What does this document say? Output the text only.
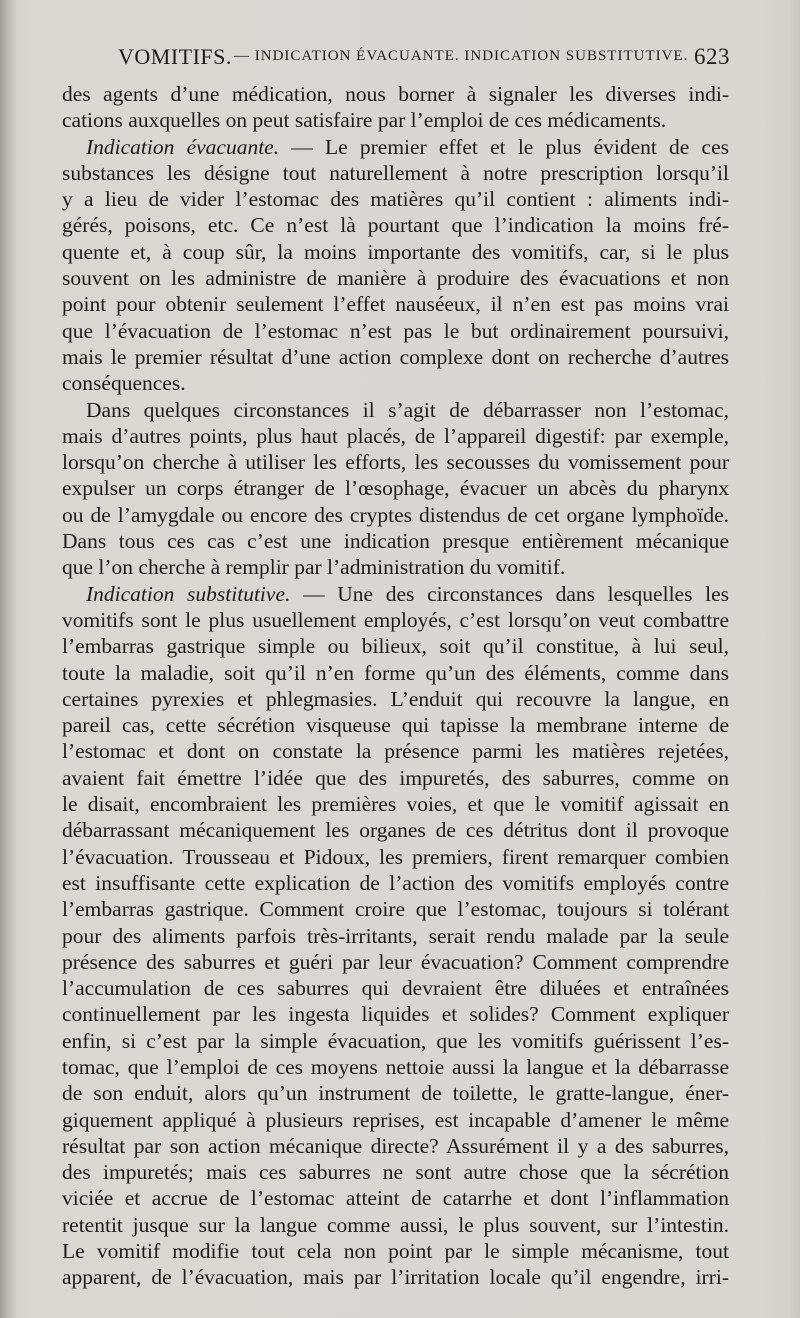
VOMITIFS. — INDICATION ÉVACUANTE. INDICATION SUBSTITUTIVE. 623
des agents d’une médication, nous borner à signaler les diverses indi-
cations auxquelles on peut satisfaire par l’emploi de ces médicaments.
Indication évacuante. — Le premier effet et le plus évident de ces
substances les désigne tout naturellement à notre prescription lorsqu’il
y a lieu de vider l’estomac des matières qu’il contient : aliments indi-
gérés, poisons, etc. Ce n’est là pourtant que l’indication la moins fré-
quente et, à coup sûr, la moins importante des vomitifs, car, si le plus
souvent on les administre de manière à produire des évacuations et non
point pour obtenir seulement l’effet nauséeux, il n’en est pas moins vrai
que l’évacuation de l’estomac n’est pas le but ordinairement poursuivi,
mais le premier résultat d’une action complexe dont on recherche d’autres
conséquences.
Dans quelques circonstances il s’agit de débarrasser non l’estomac,
mais d’autres points, plus haut placés, de l’appareil digestif: par exemple,
lorsqu’on cherche à utiliser les efforts, les secousses du vomissement pour
expulser un corps étranger de l’œsophage, évacuer un abcès du pharynx
ou de l’amygdale ou encore des cryptes distendus de cet organe lymphoïde.
Dans tous ces cas c’est une indication presque entièrement mécanique
que l’on cherche à remplir par l’administration du vomitif.
Indication substitutive. — Une des circonstances dans lesquelles les
vomitifs sont le plus usuellement employés, c’est lorsqu’on veut combattre
l’embarras gastrique simple ou bilieux, soit qu’il constitue, à lui seul,
toute la maladie, soit qu’il n’en forme qu’un des éléments, comme dans
certaines pyrexies et phlegmasies. L’enduit qui recouvre la langue, en
pareil cas, cette sécrétion visqueuse qui tapisse la membrane interne de
l’estomac et dont on constate la présence parmi les matières rejetées,
avaient fait émettre l’idée que des impuretés, des saburres, comme on
le disait, encombraient les premières voies, et que le vomitif agissait en
débarrassant mécaniquement les organes de ces détritus dont il provoque
l’évacuation. Trousseau et Pidoux, les premiers, firent remarquer combien
est insuffisante cette explication de l’action des vomitifs employés contre
l’embarras gastrique. Comment croire que l’estomac, toujours si tolérant
pour des aliments parfois très-irritants, serait rendu malade par la seule
présence des saburres et guéri par leur évacuation? Comment comprendre
l’accumulation de ces saburres qui devraient être diluées et entraînées
continuellement par les ingesta liquides et solides? Comment expliquer
enfin, si c’est par la simple évacuation, que les vomitifs guérissent l’es-
tomac, que l’emploi de ces moyens nettoie aussi la langue et la débarrasse
de son enduit, alors qu’un instrument de toilette, le gratte-langue, éner-
giquement appliqué à plusieurs reprises, est incapable d’amener le même
résultat par son action mécanique directe? Assurément il y a des saburres,
des impuretés; mais ces saburres ne sont autre chose que la sécrétion
viciée et accrue de l’estomac atteint de catarrhe et dont l’inflammation
retentit jusque sur la langue comme aussi, le plus souvent, sur l’intestin.
Le vomitif modifie tout cela non point par le simple mécanisme, tout
apparent, de l’évacuation, mais par l’irritation locale qu’il engendre, irri-
